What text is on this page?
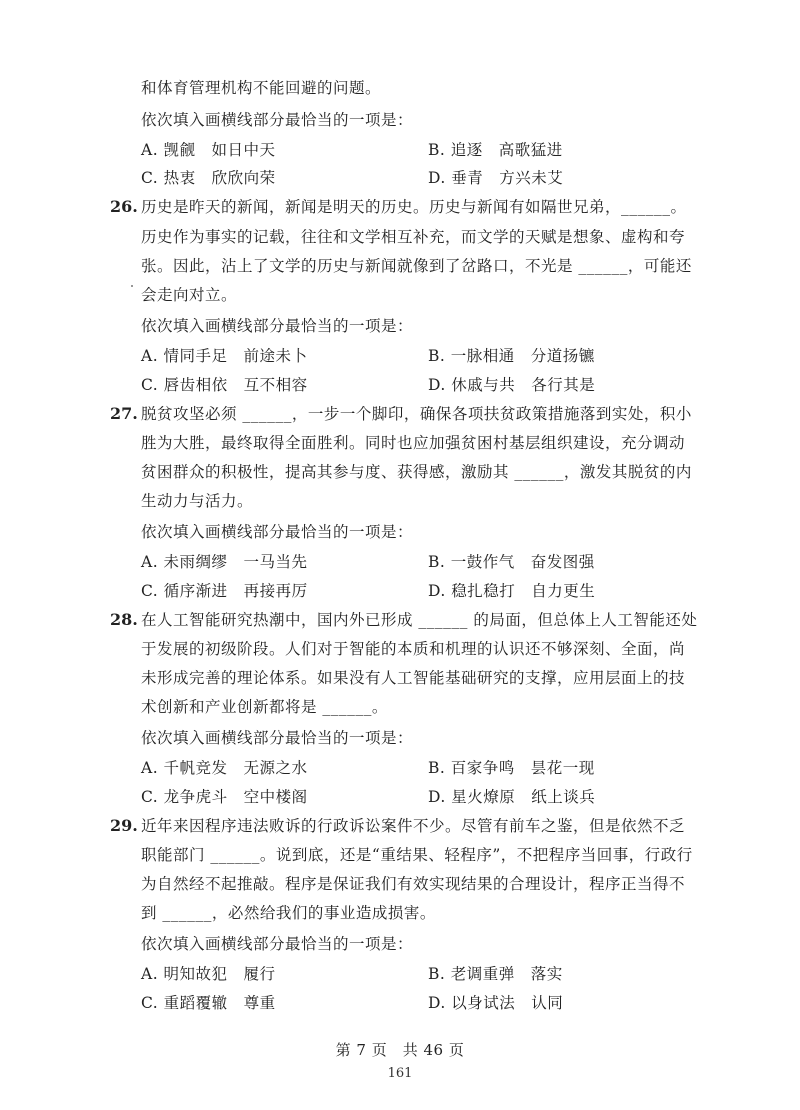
和体育管理机构不能回避的问题。
依次填入画横线部分最恰当的一项是：
A. 觊觎　如日中天	B. 追逐　高歌猛进
C. 热衷　欣欣向荣	D. 垂青　方兴未艾
26. 历史是昨天的新闻，新闻是明天的历史。历史与新闻有如隔世兄弟，______。
历史作为事实的记载，往往和文学相互补充，而文学的天赋是想象、虚构和夸
张。因此，沾上了文学的历史与新闻就像到了岔路口，不光是 ______，可能还
会走向对立。
依次填入画横线部分最恰当的一项是：
A. 情同手足　前途未卜	B. 一脉相通　分道扬镳
C. 唇齿相依　互不相容	D. 休戚与共　各行其是
27. 脱贫攻坚必须 ______，一步一个脚印，确保各项扶贫政策措施落到实处，积小
胜为大胜，最终取得全面胜利。同时也应加强贫困村基层组织建设，充分调动
贫困群众的积极性，提高其参与度、获得感，激励其 ______，激发其脱贫的内
生动力与活力。
依次填入画横线部分最恰当的一项是：
A. 未雨绸缪　一马当先	B. 一鼓作气　奋发图强
C. 循序渐进　再接再厉	D. 稳扎稳打　自力更生
28. 在人工智能研究热潮中，国内外已形成 ______ 的局面，但总体上人工智能还处
于发展的初级阶段。人们对于智能的本质和机理的认识还不够深刻、全面，尚
未形成完善的理论体系。如果没有人工智能基础研究的支撑，应用层面上的技
术创新和产业创新都将是 ______。
依次填入画横线部分最恰当的一项是：
A. 千帆竞发　无源之水	B. 百家争鸣　昙花一现
C. 龙争虎斗　空中楼阁	D. 星火燎原　纸上谈兵
29. 近年来因程序违法败诉的行政诉讼案件不少。尽管有前车之鉴，但是依然不乏
职能部门 ______。说到底，还是“重结果、轻程序”，不把程序当回事，行政行
为自然经不起推敲。程序是保证我们有效实现结果的合理设计，程序正当得不
到 ______，必然给我们的事业造成损害。
依次填入画横线部分最恰当的一项是：
A. 明知故犯　履行	B. 老调重弹　落实
C. 重蹈覆辙　尊重	D. 以身试法　认同
第 7 页　共 46 页
161
